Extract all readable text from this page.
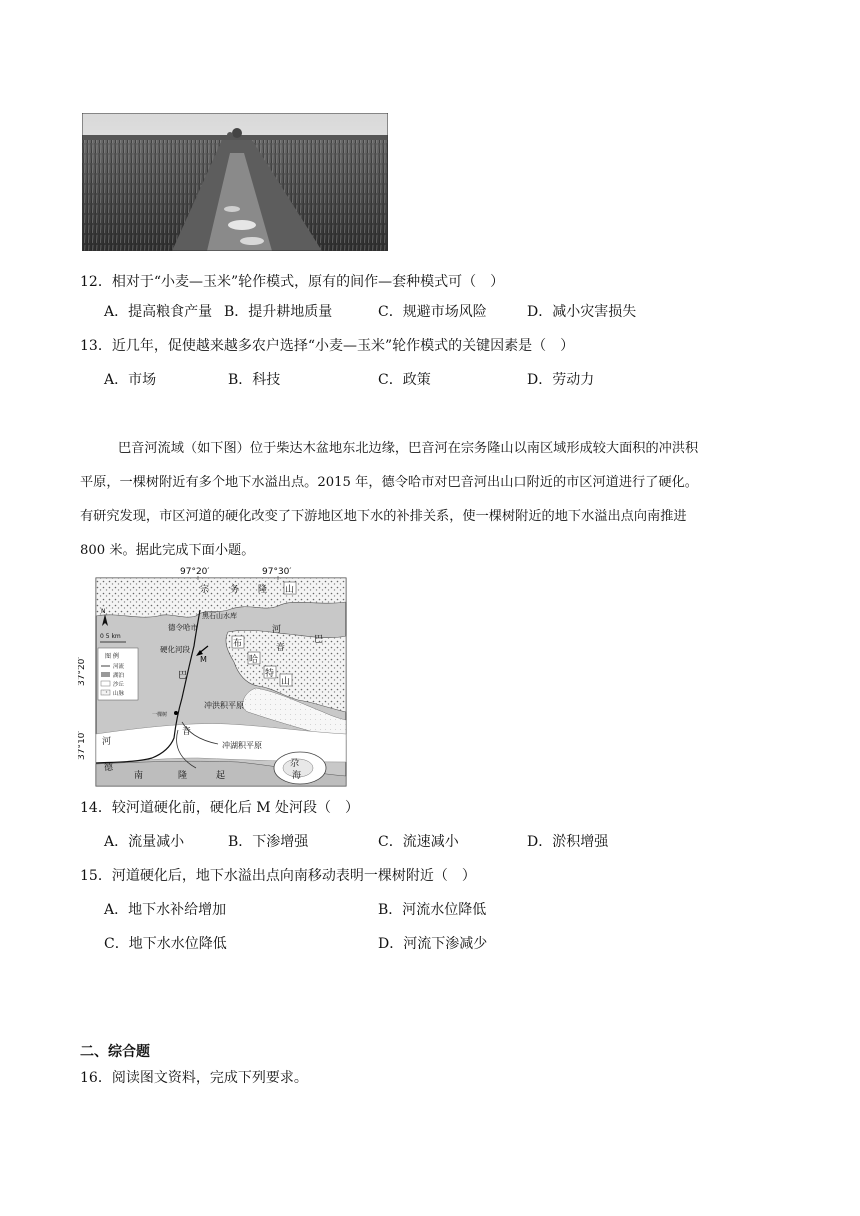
12．相对于“小麦—玉米”轮作模式，原有的间作—套种模式可（　）
A．提高粮食产量 B．提升耕地质量	C．规避市场风险	D．减小灾害损失
13．近几年，促使越来越多农户选择“小麦—玉米”轮作模式的关键因素是（　）
A．市场	B．科技	C．政策	D．劳动力
巴音河流域（如下图）位于柴达木盆地东北边缘，巴音河在宗务隆山以南区域形成较大面积的冲洪积
平原，一棵树附近有多个地下水溢出点。2015 年，德令哈市对巴音河出山口附近的市区河道进行了硬化。
有研究发现，市区河道的硬化改变了下游地区地下水的补排关系，使一棵树附近的地下水溢出点向南推进
800 米。据此完成下面小题。
97°20′	97°30′
37°20′
37°10′
N
0 5 km
图 例
河流
湖泊
沙丘
山脉
宗 务 隆 山
黑石山水库
德令哈市
硬化河段
M
河
音
巴
布
哈
特
山
巴
冲洪积平原
一棵树
音
冲湖积平原
河
德
南	隆	起
尕
海
14．较河道硬化前，硬化后 M 处河段（　）
A．流量减小	B．下渗增强	C．流速减小	D．淤积增强
15．河道硬化后，地下水溢出点向南移动表明一棵树附近（　）
A．地下水补给增加	B．河流水位降低
C．地下水水位降低	D．河流下渗减少
二、综合题
16．阅读图文资料，完成下列要求。
